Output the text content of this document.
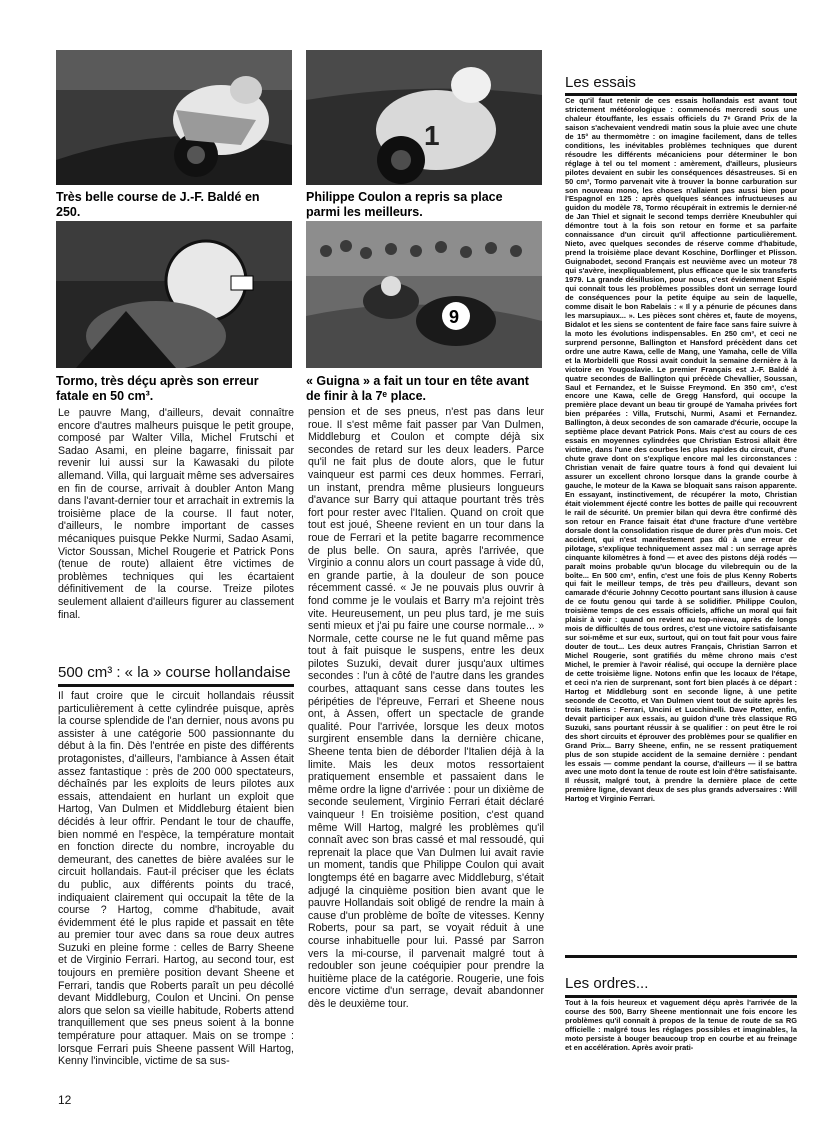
1
9
Très belle course de J.-F. Baldé en 250.
Philippe Coulon a repris sa place parmi les meilleurs.
Tormo, très déçu après son erreur fatale en 50 cm³.
« Guigna » a fait un tour en tête avant de finir à la 7ᵉ place.

Le pauvre Mang, d'ailleurs, devait connaître encore d'autres malheurs puisque le petit groupe, composé par Walter Villa, Michel Frutschi et Sadao Asami, en pleine bagarre, finissait par revenir lui aussi sur la Kawasaki du pilote allemand. Villa, qui larguait même ses adversaires en fin de course, arrivait à doubler Anton Mang dans l'avant-dernier tour et arrachait in extremis la troisième place de la course. Il faut noter, d'ailleurs, le nombre important de casses mécaniques puisque Pekke Nurmi, Sadao Asami, Victor Soussan, Michel Rougerie et Patrick Pons (tenue de route) allaient être victimes de problèmes techniques qui les écartaient définitivement de la course. Treize pilotes seulement allaient d'ailleurs figurer au classement final.

500 cm³ : « la » course hollandaise

Il faut croire que le circuit hollandais réussit particulièrement à cette cylindrée puisque, après la course splendide de l'an dernier, nous avons pu assister à une catégorie 500 passionnante du début à la fin. Dès l'entrée en piste des différents protagonistes, d'ailleurs, l'ambiance à Assen était assez fantastique : près de 200 000 spectateurs, déchaînés par les exploits de leurs pilotes aux essais, attendaient en hurlant un exploit que Hartog, Van Dulmen et Middleburg étaient bien décidés à leur offrir. Pendant le tour de chauffe, bien nommé en l'espèce, la température montait en fonction directe du nombre, incroyable du demeurant, des canettes de bière avalées sur le circuit hollandais. Faut-il préciser que les éclats du public, aux différents points du tracé, indiquaient clairement qui occupait la tête de la course ? Hartog, comme d'habitude, avait évidemment été le plus rapide et passait en tête au premier tour avec dans sa roue deux autres Suzuki en pleine forme : celles de Barry Sheene et de Virginio Ferrari. Hartog, au second tour, est toujours en première position devant Sheene et Ferrari, tandis que Roberts paraît un peu décollé devant Middleburg, Coulon et Uncini. On pense alors que selon sa vieille habitude, Roberts attend tranquillement que ses pneus soient à la bonne température pour attaquer. Mais on se trompe : lorsque Ferrari puis Sheene passent Will Hartog, Kenny l'invincible, victime de sa sus-

pension et de ses pneus, n'est pas dans leur roue. Il s'est même fait passer par Van Dulmen, Middleburg et Coulon et compte déjà six secondes de retard sur les deux leaders. Parce qu'il ne fait plus de doute alors, que le futur vainqueur est parmi ces deux hommes. Ferrari, un instant, prendra même plusieurs longueurs d'avance sur Barry qui attaque pourtant très très fort pour rester avec l'Italien. Quand on croit que tout est joué, Sheene revient en un tour dans la roue de Ferrari et la petite bagarre recommence de plus belle. On saura, après l'arrivée, que Virginio a connu alors un court passage à vide dû, en grande partie, à la douleur de son pouce récemment cassé. « Je ne pouvais plus ouvrir à fond comme je le voulais et Barry m'a rejoint très vite. Heureusement, un peu plus tard, je me suis senti mieux et j'ai pu faire une course normale... » Normale, cette course ne le fut quand même pas tout à fait puisque le suspens, entre les deux pilotes Suzuki, devait durer jusqu'aux ultimes secondes : l'un à côté de l'autre dans les grandes courbes, attaquant sans cesse dans toutes les péripéties de l'épreuve, Ferrari et Sheene nous ont, à Assen, offert un spectacle de grande qualité. Pour l'arrivée, lorsque les deux motos surgirent ensemble dans la dernière chicane, Sheene tenta bien de déborder l'Italien déjà à la limite. Mais les deux motos ressortaient pratiquement ensemble et passaient dans le même ordre la ligne d'arrivée : pour un dixième de seconde seulement, Virginio Ferrari était déclaré vainqueur ! En troisième position, c'est quand même Will Hartog, malgré les problèmes qu'il connaît avec son bras cassé et mal ressoudé, qui reprenait la place que Van Dulmen lui avait ravie un moment, tandis que Philippe Coulon qui avait longtemps été en bagarre avec Middleburg, s'était adjugé la cinquième position bien avant que le pauvre Hollandais soit obligé de rendre la main à cause d'un problème de boîte de vitesses. Kenny Roberts, pour sa part, se voyait réduit à une course inhabituelle pour lui. Passé par Sarron vers la mi-course, il parvenait malgré tout à redoubler son jeune coéquipier pour prendre la huitième place de la catégorie. Rougerie, une fois encore victime d'un serrage, devait abandonner dès le deuxième tour.

Les essais

Ce qu'il faut retenir de ces essais hollandais est avant tout strictement météorologique : commencés mercredi sous une chaleur étouffante, les essais officiels du 7ᵉ Grand Prix de la saison s'achevaient vendredi matin sous la pluie avec une chute de 15° au thermomètre : on imagine facilement, dans de telles conditions, les inévitables problèmes techniques que durent résoudre les différents mécaniciens pour déterminer le bon réglage à tel ou tel moment : amèrement, d'ailleurs, plusieurs pilotes devaient en subir les conséquences désastreuses. Si en 50 cm³, Tormo parvenait vite à trouver la bonne carburation sur son nouveau mono, les choses n'allaient pas aussi bien pour l'Espagnol en 125 : après quelques séances infructueuses au guidon du modèle 78, Tormo récupérait in extremis le dernier-né de Jan Thiel et signait le second temps derrière Kneubuhler qui démontre tout à la fois son retour en forme et sa parfaite connaissance d'un circuit qu'il affectionne particulièrement. Nieto, avec quelques secondes de réserve comme d'habitude, prend la troisième place devant Koschine, Dorflinger et Plisson. Guignabodet, second Français est neuvième avec un moteur 78 qui s'avère, inexpliquablement, plus efficace que le six transferts 1979. La grande désillusion, pour nous, c'est évidemment Espié qui connaît tous les problèmes possibles dont un serrage lourd de conséquences pour la petite équipe au sein de laquelle, comme disait le bon Rabelais : « Il y a pénurie de pécunes dans les marsupiaux... ». Les pièces sont chères et, faute de moyens, Bidalot et les siens se contentent de faire face sans faire suivre à la moto les évolutions indispensables. En 250 cm³, et ceci ne surprend personne, Ballington et Hansford précèdent dans cet ordre une autre Kawa, celle de Mang, une Yamaha, celle de Villa et la Morbidelli que Rossi avait conduit la semaine dernière à la victoire en Yougoslavie. Le premier Français est J.-F. Baldé à quatre secondes de Ballington qui précède Chevallier, Soussan, Saul et Fernandez, et le Suisse Freymond. En 350 cm³, c'est encore une Kawa, celle de Gregg Hansford, qui occupe la première place devant un beau tir groupé de Yamaha privées fort bien préparées : Villa, Frutschi, Nurmi, Asami et Fernandez. Ballington, à deux secondes de son camarade d'écurie, occupe la septième place devant Patrick Pons. Mais c'est au cours de ces essais en moyennes cylindrées que Christian Estrosi allait être victime, dans l'une des courbes les plus rapides du circuit, d'une chute grave dont on s'explique encore mal les circonstances : Christian venait de faire quatre tours à fond qui devaient lui assurer un excellent chrono lorsque dans la grande courbe à gauche, le moteur de la Kawa se bloquait sans raison apparente. En essayant, instinctivement, de récupérer la moto, Christian était violemment éjecté contre les bottes de paille qui recouvrent le rail de sécurité. Un premier bilan qui devra être confirmé dès son retour en France faisait état d'une fracture d'une vertèbre dorsale dont la consolidation risque de durer près d'un mois. Cet accident, qui n'est manifestement pas dû à une erreur de pilotage, s'explique techniquement assez mal : un serrage après cinquante kilomètres à fond — et avec des pistons déjà rodés — paraît moins probable qu'un blocage du vilebrequin ou de la boîte... En 500 cm³, enfin, c'est une fois de plus Kenny Roberts qui fait le meilleur temps, de très peu d'ailleurs, devant son camarade d'écurie Johnny Cecotto pourtant sans illusion à cause de ce foutu genou qui tarde à se solidifier. Philippe Coulon, troisième temps de ces essais officiels, affiche un moral qui fait plaisir à voir : quand on revient au top-niveau, après de longs mois de difficultés de tous ordres, c'est une victoire satisfaisante sur soi-même et sur eux, surtout, qui on tout fait pour vous faire douter de tout... Les deux autres Français, Christian Sarron et Michel Rougerie, sont gratifiés du même chrono mais c'est Michel, le premier à l'avoir réalisé, qui occupe la dernière place de cette troisième ligne. Notons enfin que les locaux de l'étape, et ceci n'a rien de surprenant, sont fort bien placés à ce départ : Hartog et Middleburg sont en seconde ligne, à une petite seconde de Cecotto, et Van Dulmen vient tout de suite après les trois Italiens : Ferrari, Uncini et Lucchinelli. Dave Potter, enfin, devait participer aux essais, au guidon d'une très classique RG Suzuki, sans pourtant réussir à se qualifier : on peut être le roi des short circuits et éprouver des problèmes pour se qualifier en Grand Prix... Barry Sheene, enfin, ne se ressent pratiquement plus de son stupide accident de la semaine dernière : pendant les essais — comme pendant la course, d'ailleurs — il se battra avec une moto dont la tenue de route est loin d'être satisfaisante. Il réussit, malgré tout, à prendre la dernière place de cette première ligne, devant deux de ses plus grands adversaires : Will Hartog et Virginio Ferrari.

Les ordres...

Tout à la fois heureux et vaguement déçu après l'arrivée de la course des 500, Barry Sheene mentionnait une fois encore les problèmes qu'il connaît à propos de la tenue de route de sa RG officielle : malgré tous les réglages possibles et imaginables, la moto persiste à bouger beaucoup trop en courbe et au freinage et en accélération. Après avoir prati-

12
